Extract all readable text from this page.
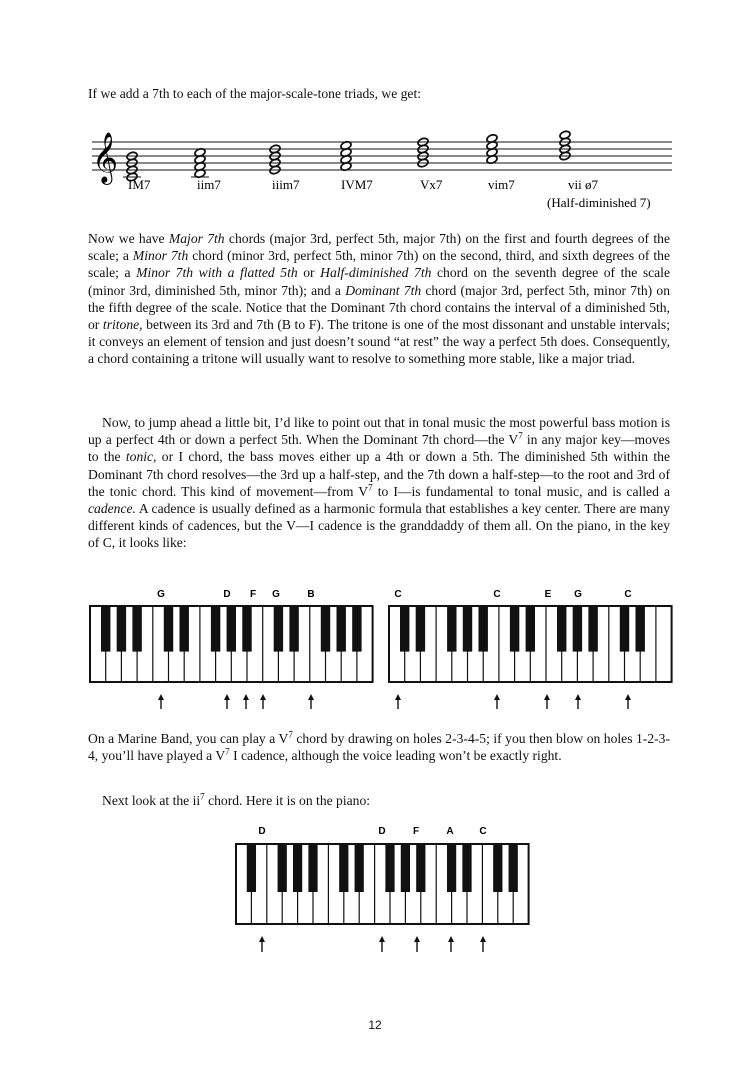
If we add a 7th to each of the major-scale-tone triads, we get:
𝄞
IM7	iim7	iiim7	IVM7	Vx7	vim7	vii ø7
(Half-diminished 7)

Now we have Major 7th chords (major 3rd, perfect 5th, major 7th) on the first and fourth degrees of the scale; a Minor 7th chord (minor 3rd, perfect 5th, minor 7th) on the second, third, and sixth degrees of the scale; a Minor 7th with a flatted 5th or Half-diminished 7th chord on the seventh degree of the scale (minor 3rd, diminished 5th, minor 7th); and a Dominant 7th chord (major 3rd, perfect 5th, minor 7th) on the fifth degree of the scale. Notice that the Dominant 7th chord contains the interval of a diminished 5th, or tritone, between its 3rd and 7th (B to F). The tritone is one of the most dissonant and unstable intervals; it conveys an element of tension and just doesn’t sound “at rest” the way a perfect 5th does. Consequently, a chord containing a tritone will usually want to resolve to something more stable, like a major triad.

Now, to jump ahead a little bit, I’d like to point out that in tonal music the most powerful bass motion is up a perfect 4th or down a perfect 5th. When the Dominant 7th chord—the $V^7$ in any major key—moves to the tonic, or I chord, the bass moves either up a 4th or down a 5th. The diminished 5th within the Dominant 7th chord resolves—the 3rd up a half-step, and the 7th down a half-step—to the root and 3rd of the tonic chord. This kind of movement—from $V^7$ to I—is fundamental to tonal music, and is called a cadence. A cadence is usually defined as a harmonic formula that establishes a key center. There are many different kinds of cadences, but the V—I cadence is the granddaddy of them all. On the piano, in the key of C, it looks like:

G	D F G	B	C	C	E G	C

On a Marine Band, you can play a $V^7$ chord by drawing on holes 2-3-4-5; if you then blow on holes 1-2-3-4, you’ll have played a $V^7$ I cadence, although the voice leading won’t be exactly right.

Next look at the $ii^7$ chord. Here it is on the piano:

D	D	F	A	C
12
